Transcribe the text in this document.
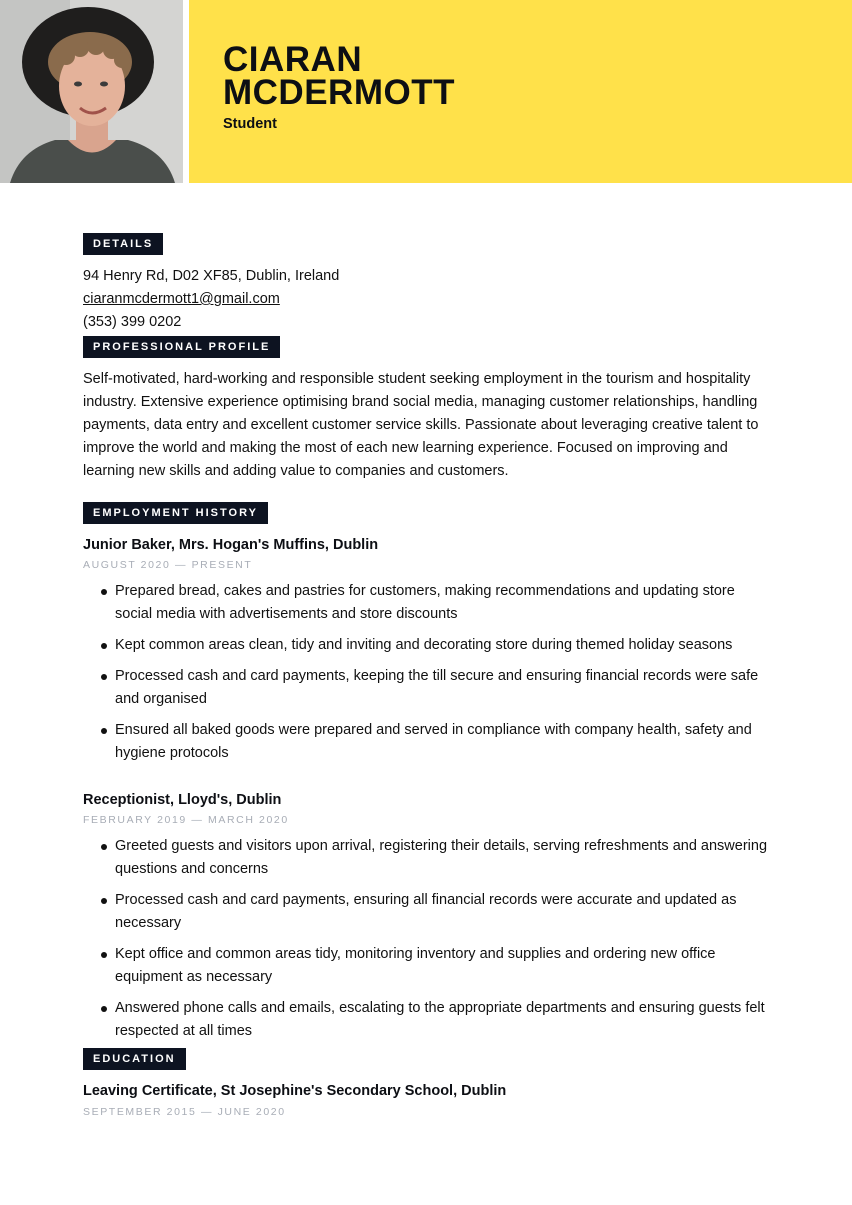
CIARAN
MCDERMOTT
Student
DETAILS
94 Henry Rd, D02 XF85, Dublin, Ireland
ciaranmcdermott1@gmail.com
(353) 399 0202
PROFESSIONAL PROFILE
Self-motivated, hard-working and responsible student seeking employment in the tourism and hospitality industry. Extensive experience optimising brand social media, managing customer relationships, handling payments, data entry and excellent customer service skills. Passionate about leveraging creative talent to improve the world and making the most of each new learning experience. Focused on improving and learning new skills and adding value to companies and customers.
EMPLOYMENT HISTORY
Junior Baker, Mrs. Hogan's Muffins, Dublin
AUGUST 2020 — PRESENT
Prepared bread, cakes and pastries for customers, making recommendations and updating store social media with advertisements and store discounts
Kept common areas clean, tidy and inviting and decorating store during themed holiday seasons
Processed cash and card payments, keeping the till secure and ensuring financial records were safe and organised
Ensured all baked goods were prepared and served in compliance with company health, safety and hygiene protocols
Receptionist, Lloyd's, Dublin
FEBRUARY 2019 — MARCH 2020
Greeted guests and visitors upon arrival, registering their details, serving refreshments and answering questions and concerns
Processed cash and card payments, ensuring all financial records were accurate and updated as necessary
Kept office and common areas tidy, monitoring inventory and supplies and ordering new office equipment as necessary
Answered phone calls and emails, escalating to the appropriate departments and ensuring guests felt respected at all times
EDUCATION
Leaving Certificate, St Josephine's Secondary School, Dublin
SEPTEMBER 2015 — JUNE 2020
